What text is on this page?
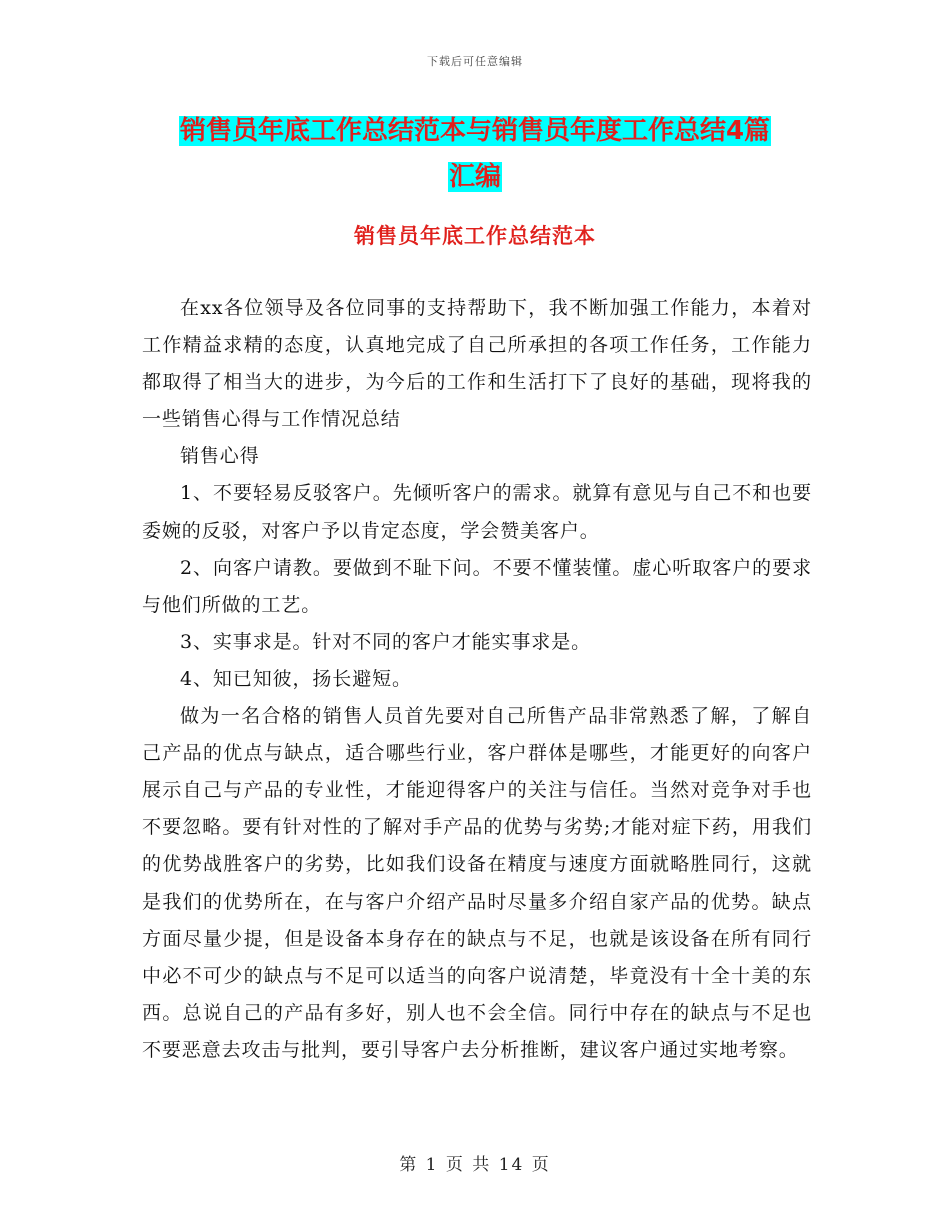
下载后可任意编辑
销售员年底工作总结范本与销售员年度工作总结4篇
汇编
销售员年底工作总结范本

在xx各位领导及各位同事的支持帮助下，我不断加强工作能力，本着对工作精益求精的态度，认真地完成了自己所承担的各项工作任务，工作能力都取得了相当大的进步，为今后的工作和生活打下了良好的基础，现将我的一些销售心得与工作情况总结

销售心得

1、不要轻易反驳客户。先倾听客户的需求。就算有意见与自己不和也要委婉的反驳，对客户予以肯定态度，学会赞美客户。

2、向客户请教。要做到不耻下问。不要不懂装懂。虚心听取客户的要求与他们所做的工艺。

3、实事求是。针对不同的客户才能实事求是。

4、知已知彼，扬长避短。

做为一名合格的销售人员首先要对自己所售产品非常熟悉了解，了解自己产品的优点与缺点，适合哪些行业，客户群体是哪些，才能更好的向客户展示自己与产品的专业性，才能迎得客户的关注与信任。当然对竞争对手也不要忽略。要有针对性的了解对手产品的优势与劣势;才能对症下药，用我们的优势战胜客户的劣势，比如我们设备在精度与速度方面就略胜同行，这就是我们的优势所在，在与客户介绍产品时尽量多介绍自家产品的优势。缺点方面尽量少提，但是设备本身存在的缺点与不足，也就是该设备在所有同行中必不可少的缺点与不足可以适当的向客户说清楚，毕竟没有十全十美的东西。总说自己的产品有多好，别人也不会全信。同行中存在的缺点与不足也不要恶意去攻击与批判，要引导客户去分析推断，建议客户通过实地考察。

第 1 页 共 14 页
